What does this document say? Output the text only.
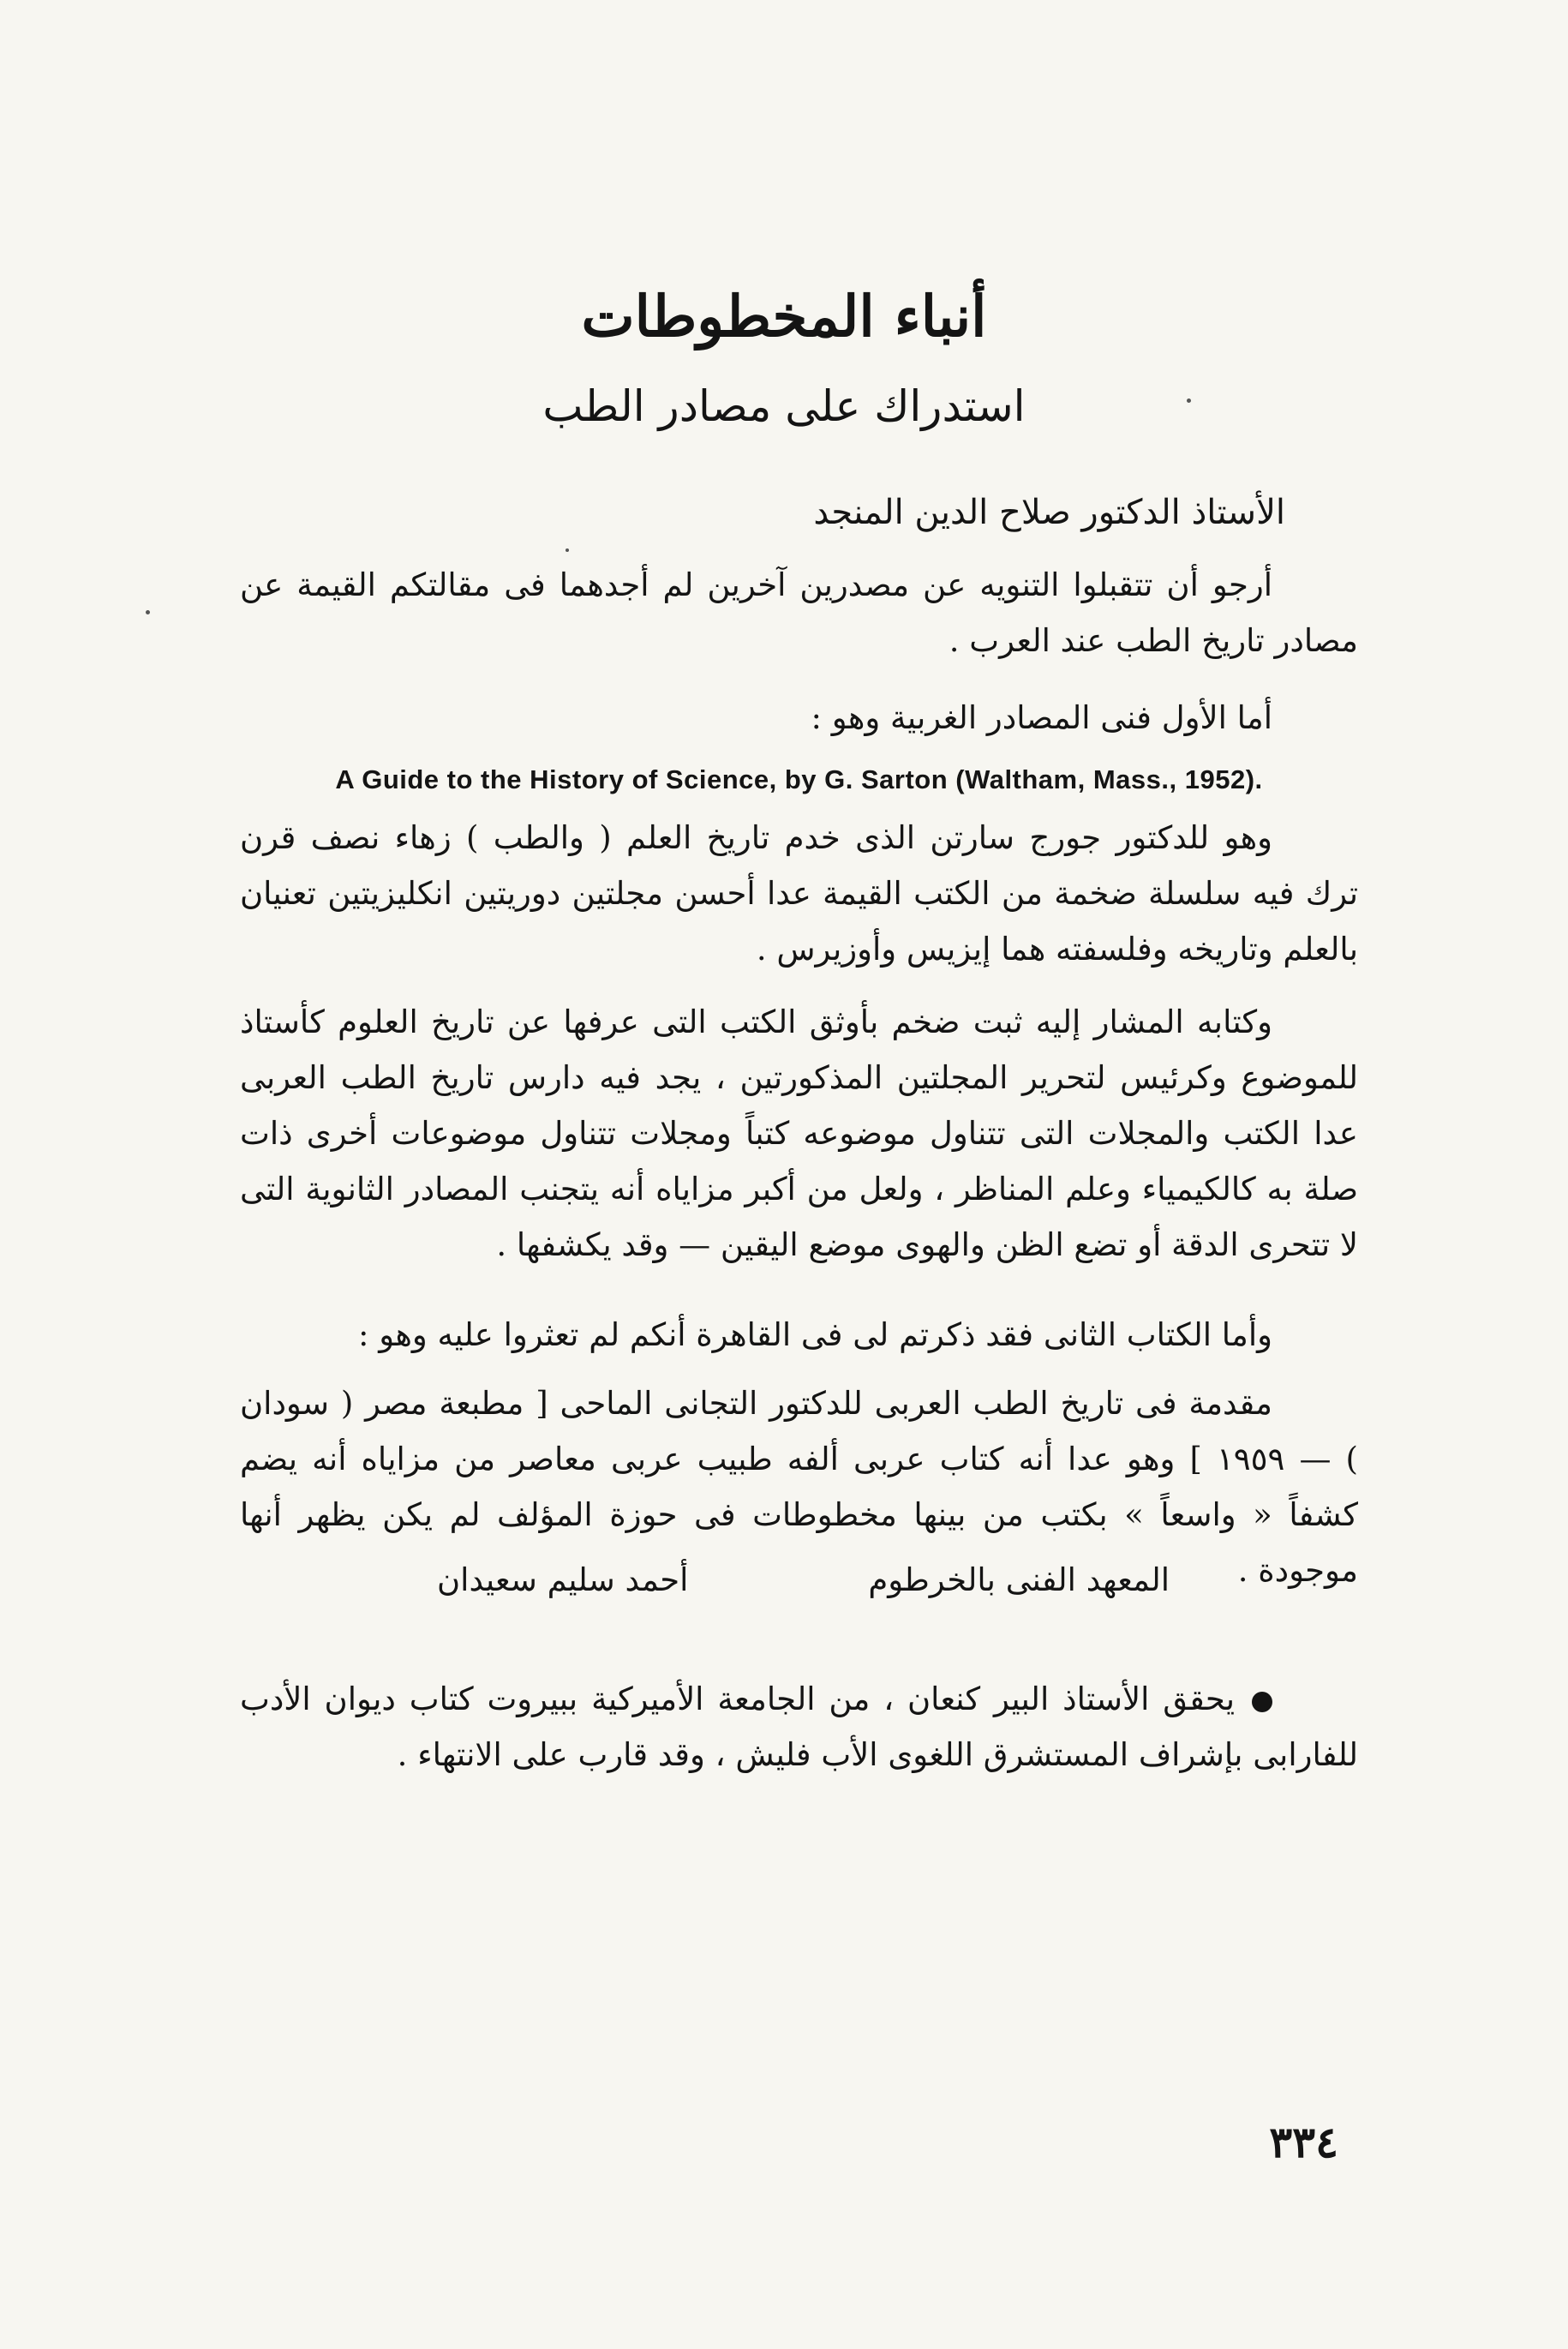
أنباء المخطوطات
استدراك على مصادر الطب
الأستاذ الدكتور صلاح الدين المنجد
أرجو أن تتقبلوا التنويه عن مصدرين آخرين لم أجدهما فى مقالتكم القيمة عن مصادر تاريخ الطب عند العرب .
أما الأول فنى المصادر الغربية وهو :
A Guide to the History of Science, by G. Sarton (Waltham, Mass., 1952).
وهو للدكتور جورج سارتن الذى خدم تاريخ العلم ( والطب ) زهاء نصف قرن ترك فيه سلسلة ضخمة من الكتب القيمة عدا أحسن مجلتين دوريتين انكليزيتين تعنيان بالعلم وتاريخه وفلسفته هما إيزيس وأوزيرس .
وكتابه المشار إليه ثبت ضخم بأوثق الكتب التى عرفها عن تاريخ العلوم كأستاذ للموضوع وكرئيس لتحرير المجلتين المذكورتين ، يجد فيه دارس تاريخ الطب العربى عدا الكتب والمجلات التى تتناول موضوعه كتباً ومجلات تتناول موضوعات أخرى ذات صلة به كالكيمياء وعلم المناظر ، ولعل من أكبر مزاياه أنه يتجنب المصادر الثانوية التى لا تتحرى الدقة أو تضع الظن والهوى موضع اليقين — وقد يكشفها .
وأما الكتاب الثانى فقد ذكرتم لى فى القاهرة أنكم لم تعثروا عليه وهو :
مقدمة فى تاريخ الطب العربى للدكتور التجانى الماحى [ مطبعة مصر ( سودان ) — ١٩٥٩ ] وهو عدا أنه كتاب عربى ألفه طبيب عربى معاصر من مزاياه أنه يضم كشفاً « واسعاً » بكتب من بينها مخطوطات فى حوزة المؤلف لم يكن يظهر أنها موجودة .
المعهد الفنى بالخرطوم
أحمد سليم سعيدان
يحقق الأستاذ البير كنعان ، من الجامعة الأميركية ببيروت كتاب ديوان الأدب للفارابى بإشراف المستشرق اللغوى الأب فليش ، وقد قارب على الانتهاء .
٣٣٤
